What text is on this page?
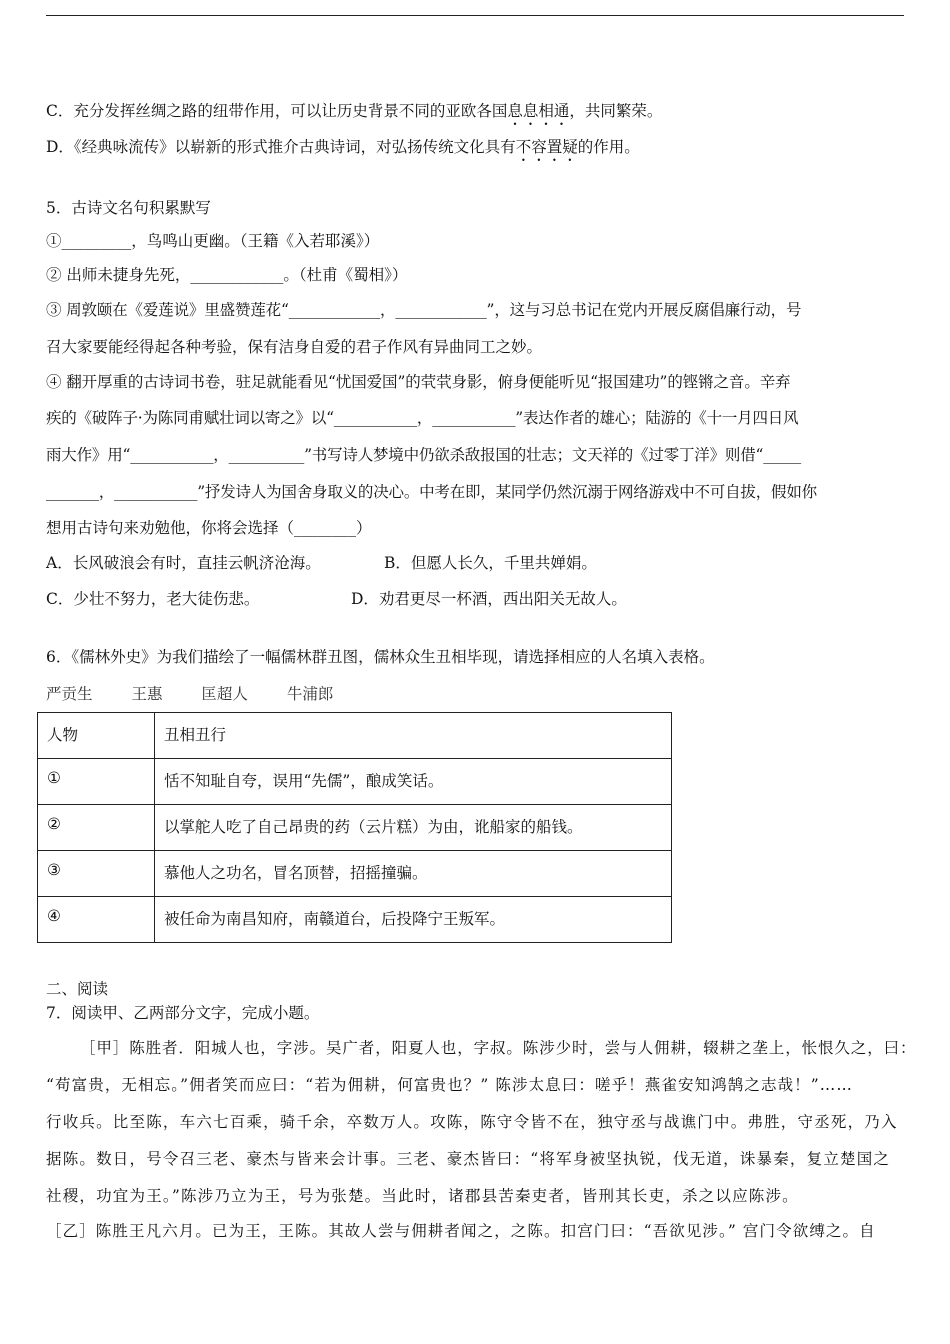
C．充分发挥丝绸之路的纽带作用，可以让历史背景不同的亚欧各国息息相通，共同繁荣。
D．《经典咏流传》以崭新的形式推介古典诗词，对弘扬传统文化具有不容置疑的作用。
5．古诗文名句积累默写
①_________，鸟鸣山更幽。（王籍《入若耶溪》）
② 出师未捷身先死，____________。（杜甫《蜀相》）
③ 周敦颐在《爱莲说》里盛赞莲花“____________，____________”，这与习总书记在党内开展反腐倡廉行动，号
召大家要能经得起各种考验，保有洁身自爱的君子作风有异曲同工之妙。
④ 翻开厚重的古诗词书卷，驻足就能看见“忧国爱国”的茕茕身影，俯身便能听见“报国建功”的铿锵之音。辛弃
疾的《破阵子·为陈同甫赋壮词以寄之》以“___________，___________”表达作者的雄心；陆游的《十一月四日风
雨大作》用“___________，__________”书写诗人梦境中仍欲杀敌报国的壮志；文天祥的《过零丁洋》则借“_____
_______，___________”抒发诗人为国舍身取义的决心。中考在即，某同学仍然沉溺于网络游戏中不可自拔，假如你
想用古诗句来劝勉他，你将会选择（________）
A．长风破浪会有时，直挂云帆济沧海。	B．但愿人长久，千里共婵娟。
C．少壮不努力，老大徒伤悲。	D．劝君更尽一杯酒，西出阳关无故人。
6．《儒林外史》为我们描绘了一幅儒林群丑图，儒林众生丑相毕现，请选择相应的人名填入表格。
严贡生	王惠	匡超人	牛浦郎
人物	丑相丑行
①	恬不知耻自夸，误用“先儒”，酿成笑话。
②	以掌舵人吃了自己昂贵的药（云片糕）为由，讹船家的船钱。
③	慕他人之功名，冒名顶替，招摇撞骗。
④	被任命为南昌知府，南赣道台，后投降宁王叛军。
二、阅读
7．阅读甲、乙两部分文字，完成小题。
［甲］陈胜者．阳城人也，字涉。吴广者，阳夏人也，字叔。陈涉少时，尝与人佣耕，辍耕之垄上，怅恨久之，曰：
“苟富贵，无相忘。”佣者笑而应曰：“若为佣耕，何富贵也？” 陈涉太息曰：嗟乎！燕雀安知鸿鹄之志哉！”……
行收兵。比至陈，车六七百乘，骑千余，卒数万人。攻陈，陈守令皆不在，独守丞与战谯门中。弗胜，守丞死，乃入
据陈。数日，号令召三老、豪杰与皆来会计事。三老、豪杰皆曰：“将军身被坚执锐，伐无道，诛暴秦，复立楚国之
社稷，功宜为王。”陈涉乃立为王，号为张楚。当此时，诸郡县苦秦吏者，皆刑其长吏，杀之以应陈涉。
［乙］陈胜王凡六月。已为王，王陈。其故人尝与佣耕者闻之，之陈。扣宫门曰：“吾欲见涉。” 宫门令欲缚之。自
